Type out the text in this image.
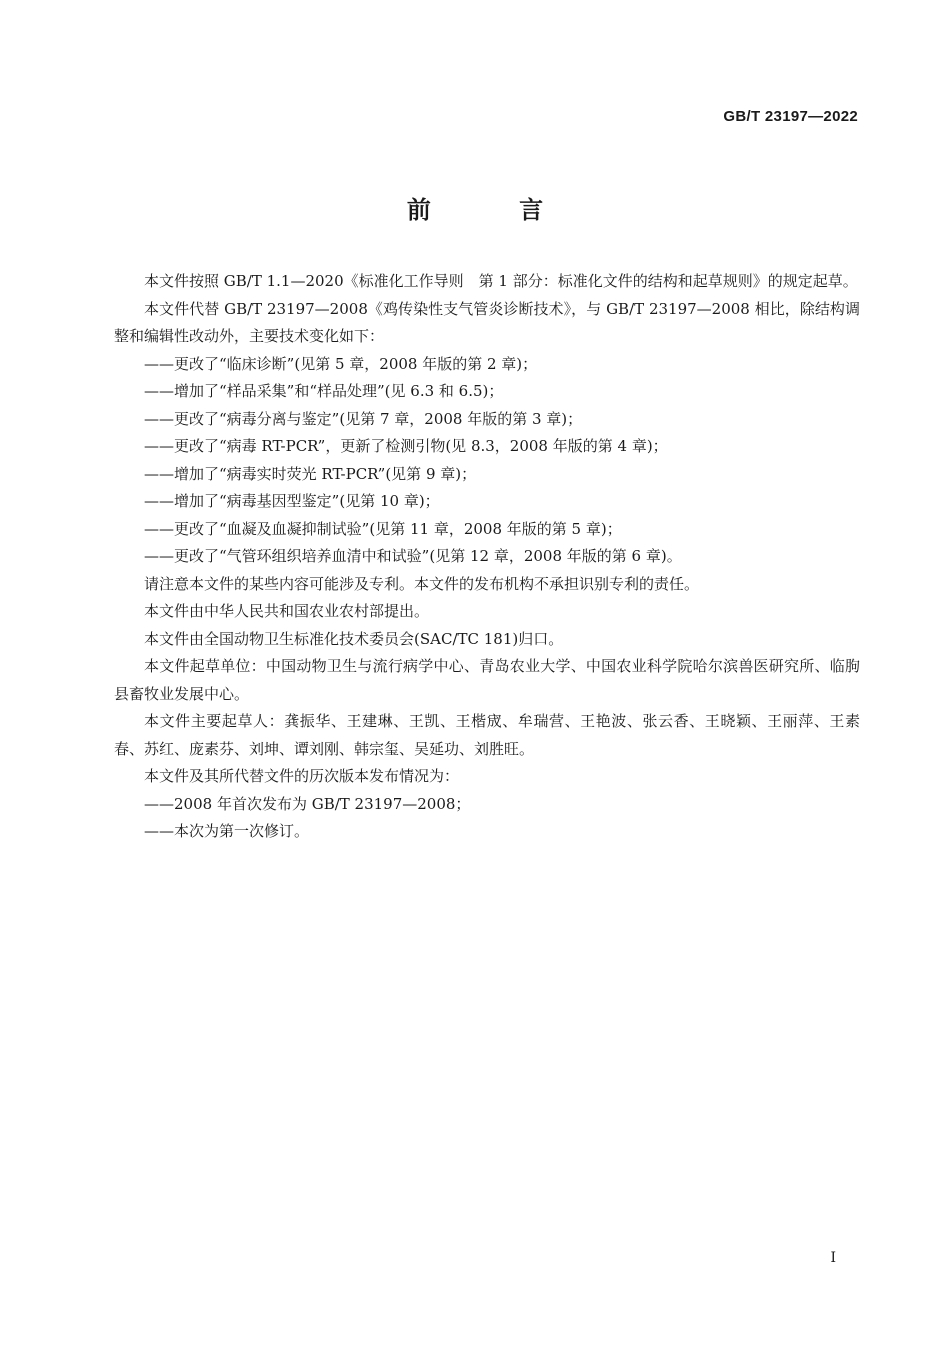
GB/T 23197—2022
前 言

本文件按照 GB/T 1.1—2020《标准化工作导则　第 1 部分：标准化文件的结构和起草规则》的规定起草。

本文件代替 GB/T 23197—2008《鸡传染性支气管炎诊断技术》，与 GB/T 23197—2008 相比，除结构调整和编辑性改动外，主要技术变化如下：

——更改了“临床诊断”(见第 5 章，2008 年版的第 2 章)；

——增加了“样品采集”和“样品处理”(见 6.3 和 6.5)；

——更改了“病毒分离与鉴定”(见第 7 章，2008 年版的第 3 章)；

——更改了“病毒 RT-PCR”，更新了检测引物(见 8.3，2008 年版的第 4 章)；

——增加了“病毒实时荧光 RT-PCR”(见第 9 章)；

——增加了“病毒基因型鉴定”(见第 10 章)；

——更改了“血凝及血凝抑制试验”(见第 11 章，2008 年版的第 5 章)；

——更改了“气管环组织培养血清中和试验”(见第 12 章，2008 年版的第 6 章)。

请注意本文件的某些内容可能涉及专利。本文件的发布机构不承担识别专利的责任。

本文件由中华人民共和国农业农村部提出。

本文件由全国动物卫生标准化技术委员会(SAC/TC 181)归口。

本文件起草单位：中国动物卫生与流行病学中心、青岛农业大学、中国农业科学院哈尔滨兽医研究所、临朐县畜牧业发展中心。

本文件主要起草人：龚振华、王建琳、王凯、王楷宬、牟瑞营、王艳波、张云香、王晓颖、王丽萍、王素春、苏红、庞素芬、刘坤、谭刘刚、韩宗玺、吴延功、刘胜旺。

本文件及其所代替文件的历次版本发布情况为：

——2008 年首次发布为 GB/T 23197—2008；

——本次为第一次修订。

I
